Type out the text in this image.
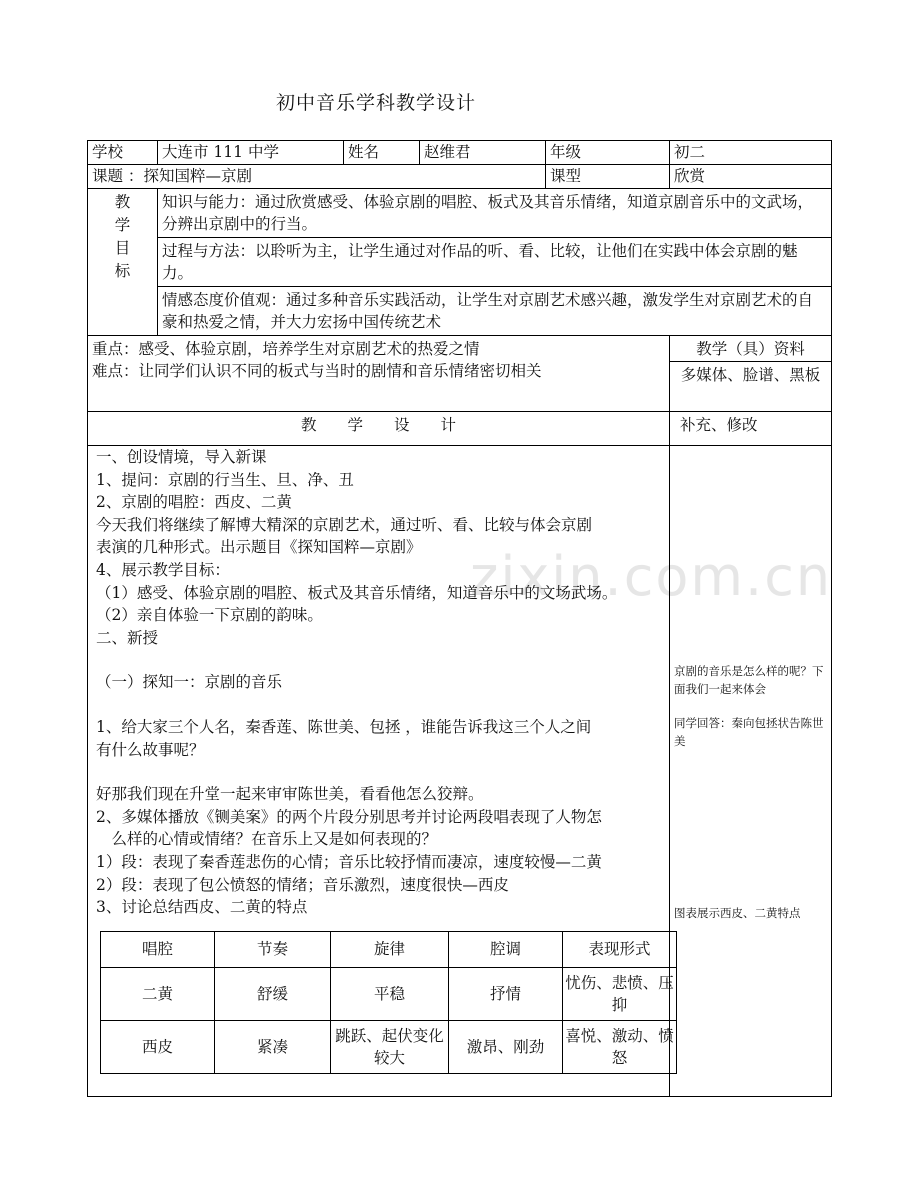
初中音乐学科教学设计
zixin.com.cn
学校	大连市 111 中学	姓名	赵维君	年级	初二
课题 ：探知国粹—京剧	课型	欣赏

教
学
目
标
	知识与能力：通过欣赏感受、体验京剧的唱腔、板式及其音乐情绪，知道京剧音乐中的文武场，分辨出京剧中的行当。
过程与方法：以聆听为主，让学生通过对作品的听、看、比较，让他们在实践中体会京剧的魅力。
情感态度价值观：通过多种音乐实践活动，让学生对京剧艺术感兴趣，激发学生对京剧艺术的自豪和热爱之情，并大力宏扬中国传统艺术

重点：感受、体验京剧，培养学生对京剧艺术的热爱之情
难点：让同学们认识不同的板式与当时的剧情和音乐情绪密切相关
	教学（具）资料
多媒体、脸谱、黑板
教　　学　　设　　计	补充、修改

一、创设情境，导入新课

1、提问：京剧的行当生、旦、净、丑

2、京剧的唱腔：西皮、二黄

今天我们将继续了解博大精深的京剧艺术，通过听、看、比较与体会京剧

表演的几种形式。出示题目《探知国粹—京剧》

4、展示教学目标：

（1）感受、体验京剧的唱腔、板式及其音乐情绪，知道音乐中的文场武场。

（2）亲自体验一下京剧的韵味。

二、新授

（一）探知一：京剧的音乐

1、给大家三个人名，秦香莲、陈世美、包拯 ，谁能告诉我这三个人之间

有什么故事呢？

好那我们现在升堂一起来审审陈世美，看看他怎么狡辩。

2、多媒体播放《铡美案》的两个片段分别思考并讨论两段唱表现了人物怎

　么样的心情或情绪？在音乐上又是如何表现的？

1）段：表现了秦香莲悲伤的心情；音乐比较抒情而凄凉，速度较慢—二黄

2）段：表现了包公愤怒的情绪；音乐激烈，速度很快—西皮

3、讨论总结西皮、二黄的特点

唱腔	节奏	旋律	腔调	表现形式
二黄	舒缓	平稳	抒情	忧伤、悲愤、压抑
西皮	紧凑	跳跃、起伏变化较大	激昂、刚劲	喜悦、激动、愤怒

京剧的音乐是怎么样的呢？下面我们一起来体会
同学回答：秦向包拯状告陈世美
图表展示西皮、二黄特点
